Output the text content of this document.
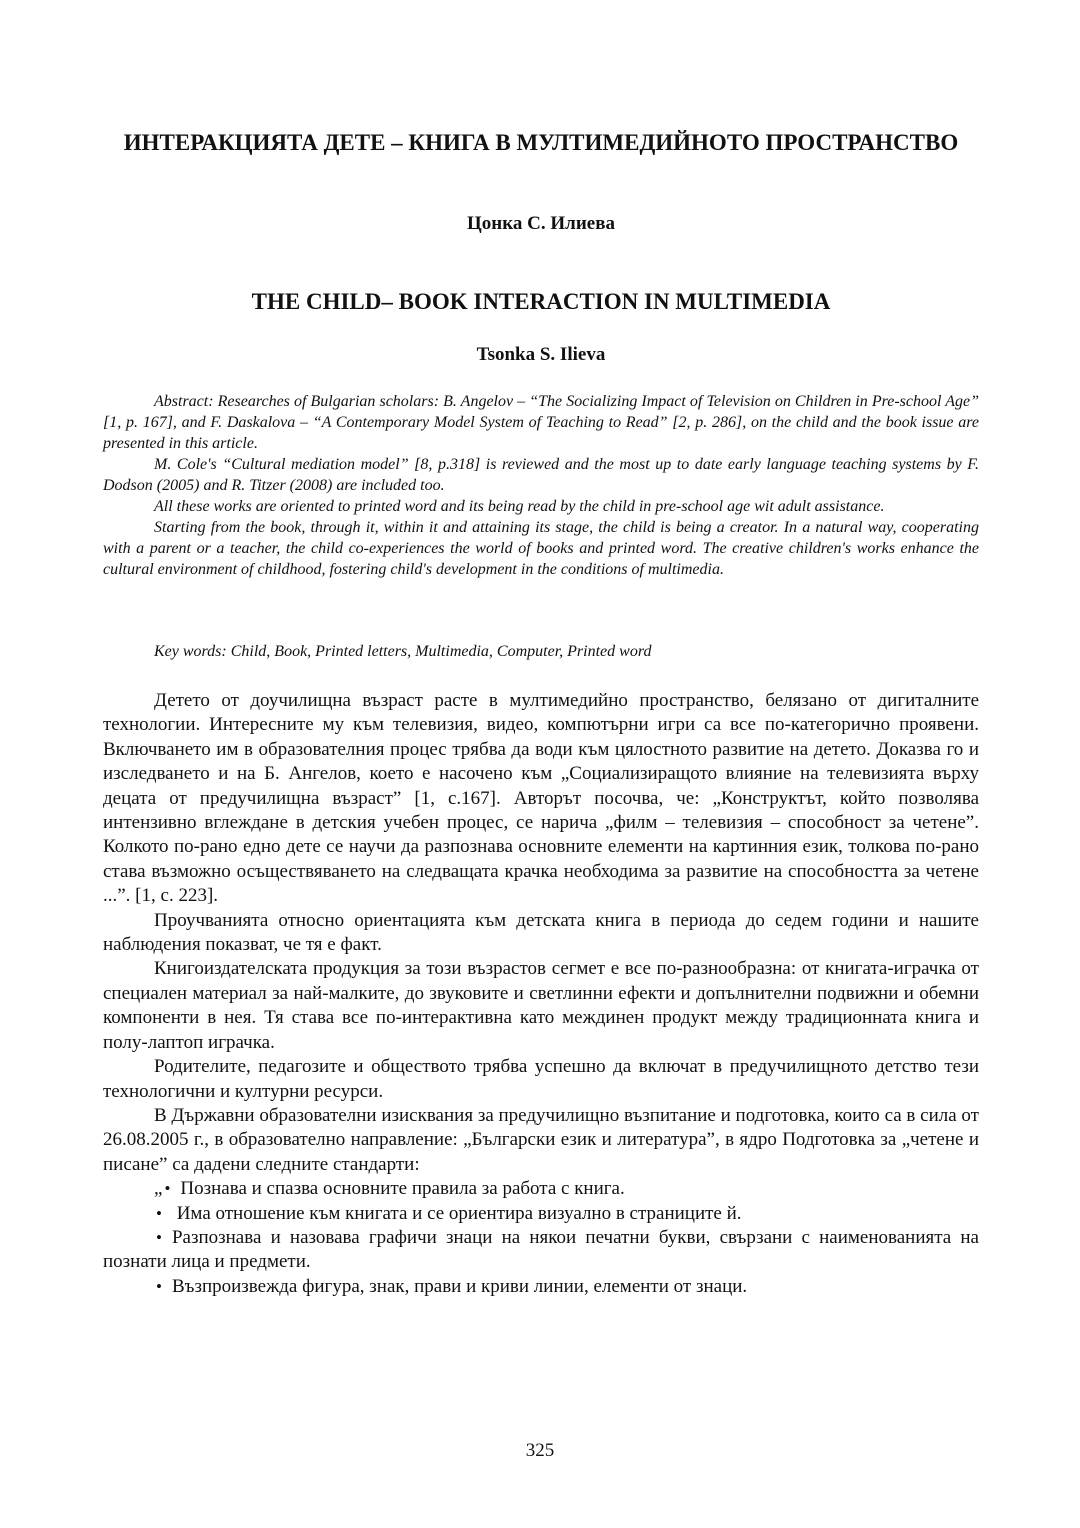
ИНТЕРАКЦИЯТА ДЕТЕ – КНИГА В МУЛТИМЕДИЙНОТО ПРОСТРАНСТВО
Цонка С. Илиева
THE CHILD– BOOK INTERACTION IN MULTIMEDIA
Tsonka S. Ilieva

Abstract: Researches of Bulgarian scholars: B. Angelov – “The Socializing Impact of Television on Children in Pre-school Age” [1, p. 167], and F. Daskalova – “A Contemporary Model System of Teaching to Read” [2, p. 286], on the child and the book issue are presented in this article.

M. Cole's “Cultural mediation model” [8, p.318] is reviewed and the most up to date early language teaching systems by F. Dodson (2005) and R. Titzer (2008) are included too.

All these works are oriented to printed word and its being read by the child in pre-school age wit adult assistance.

Starting from the book, through it, within it and attaining its stage, the child is being a creator. In a natural way, cooperating with a parent or a teacher, the child co-experiences the world of books and printed word. The creative children's works enhance the cultural environment of childhood, fostering child's development in the conditions of multimedia.

Key words: Child, Book, Printed letters, Multimedia, Computer, Printed word

Детето от доучилищна възраст расте в мултимедийно пространство, белязано от дигиталните технологии. Интересните му към телевизия, видео, компютърни игри са все по-категорично проявени. Включването им в образователния процес трябва да води към цялостното развитие на детето. Доказва го и изследването и на Б. Ангелов, което е насочено към „Социализиращото влияние на телевизията върху децата от предучилищна възраст” [1, с.167]. Авторът посочва, че: „Конструктът, който позволява интензивно вглеждане в детския учебен процес, се нарича „филм – телевизия – способност за четене”. Колкото по-рано едно дете се научи да разпознава основните елементи на картинния език, толкова по-рано става възможно осъществяването на следващата крачка необходима за развитие на способността за четене ...”. [1, с. 223].

Проучванията относно ориентацията към детската книга в периода до седем години и нашите наблюдения показват, че тя е факт.

Книгоиздателската продукция за този възрастов сегмет е все по-разнообразна: от книгата-играчка от специален материал за най-малките, до звуковите и светлинни ефекти и допълнителни подвижни и обемни компоненти в нея. Тя става все по-интерактивна като междинен продукт между традиционната книга и полу-лаптоп играчка.

Родителите, педагозите и обществото трябва успешно да включат в предучилищното детство тези технологични и културни ресурси.

В Държавни образователни изисквания за предучилищно възпитание и подготовка, които са в сила от 26.08.2005 г., в образователно направление: „Български език и литература”, в ядро Подготовка за „четене и писане” са дадени следните стандарти:

„ • Познава и спазва основните правила за работа с книга.

• Има отношение към книгата и се ориентира визуално в страниците й.

• Разпознава и назовава графичи знаци на някои печатни букви, свързани с наименованията на познати лица и предмети.

• Възпроизвежда фигура, знак, прави и криви линии, елементи от знаци.

325
